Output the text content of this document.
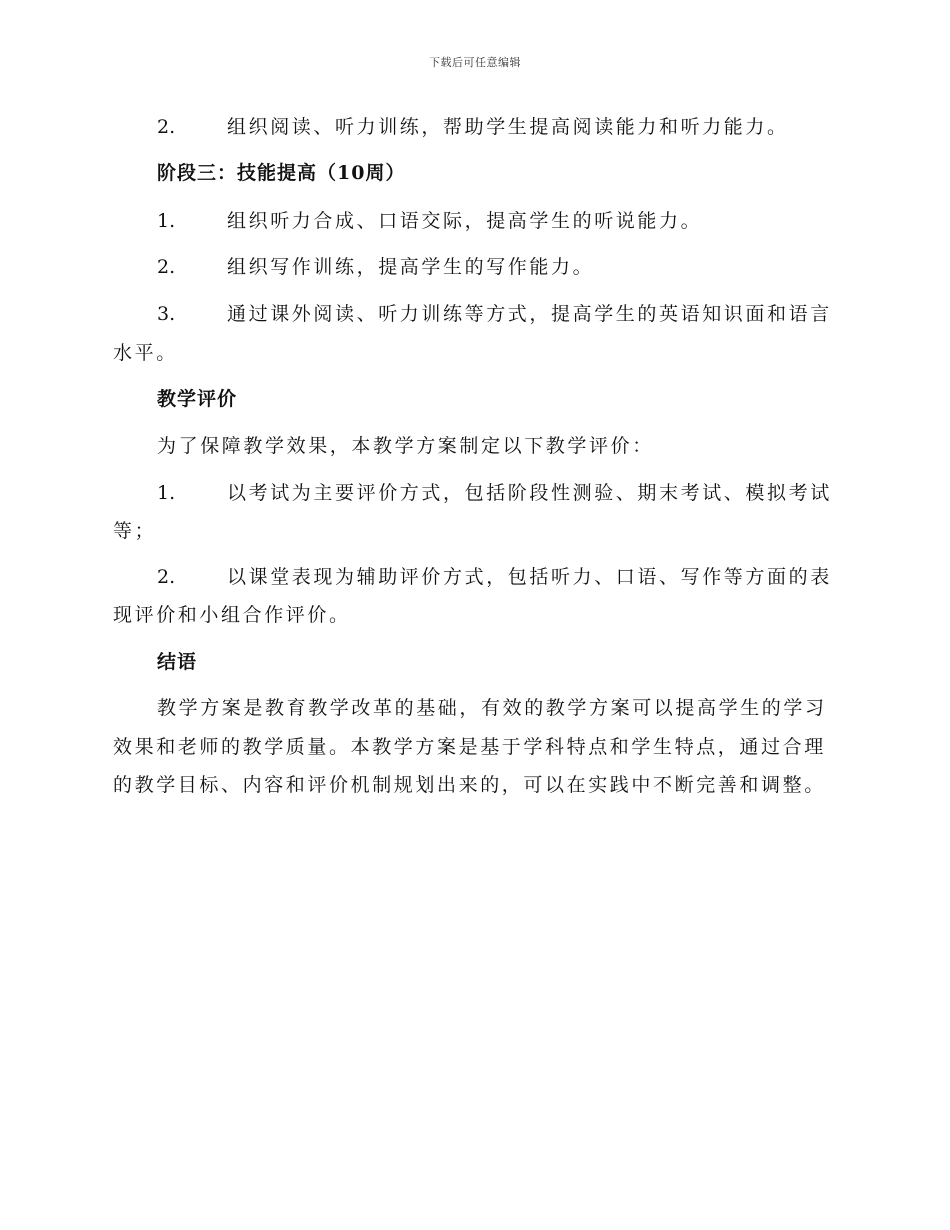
下载后可任意编辑
2.	组织阅读、听力训练，帮助学生提高阅读能力和听力能力。
阶段三：技能提高（10周）
1.	组织听力合成、口语交际，提高学生的听说能力。
2.	组织写作训练，提高学生的写作能力。
3.	通过课外阅读、听力训练等方式，提高学生的英语知识面和语言
水平。
教学评价
为了保障教学效果，本教学方案制定以下教学评价：
1.	以考试为主要评价方式，包括阶段性测验、期末考试、模拟考试
等；
2.	以课堂表现为辅助评价方式，包括听力、口语、写作等方面的表
现评价和小组合作评价。
结语
教学方案是教育教学改革的基础，有效的教学方案可以提高学生的学习
效果和老师的教学质量。本教学方案是基于学科特点和学生特点，通过合理
的教学目标、内容和评价机制规划出来的，可以在实践中不断完善和调整。
